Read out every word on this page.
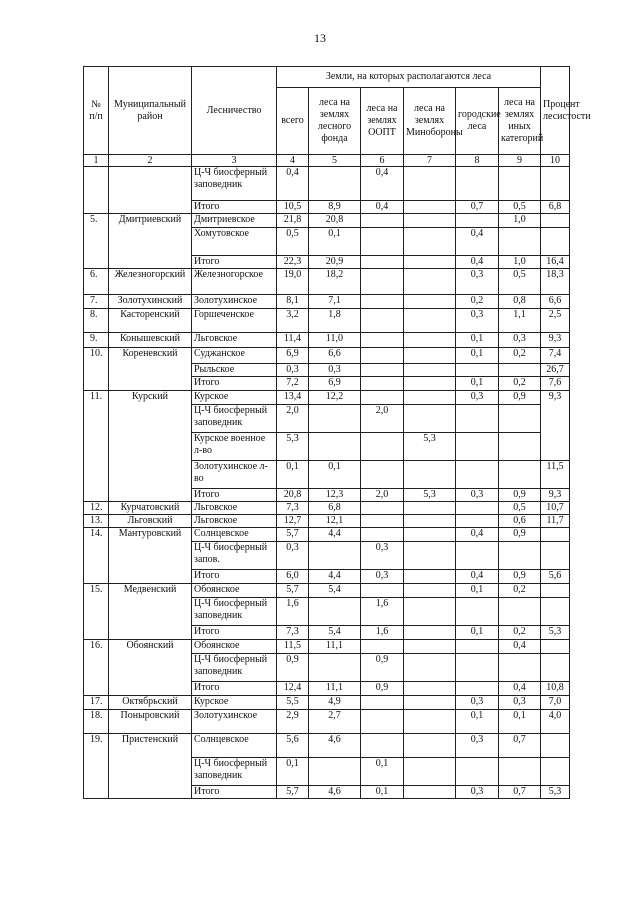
13
№ п/п	Муниципальный район	Лесничество	Земли, на которых располагаются леса						Процент лесистости
			всего	леса на землях лесного фонда	леса на землях ООПТ	леса на землях Минобороны	городские леса	леса на землях иных категорий	
1	2	3	4	5	6	7	8	9	10
		Ц-Ч биосферный заповедник	0,4		0,4				
		Итого	10,5	8,9	0,4		0,7	0,5	6,8
5.	Дмитриевский	Дмитриевское	21,8	20,8				1,0	
		Хомутовское	0,5	0,1			0,4		
		Итого	22,3	20,9			0,4	1,0	16,4
6.	Железногорский	Железногорское	19,0	18,2			0,3	0,5	18,3
7.	Золотухинский	Золотухинское	8,1	7,1			0,2	0,8	6,6
8.	Касторенский	Горшеченское	3,2	1,8			0,3	1,1	2,5
9.	Конышевский	Льговское	11,4	11,0			0,1	0,3	9,3
10.	Кореневский	Суджанское	6,9	6,6			0,1	0,2	7,4
		Рыльское	0,3	0,3					26,7
		Итого	7,2	6,9			0,1	0,2	7,6
11.	Курский	Курское	13,4	12,2			0,3	0,9	9,3
		Ц-Ч биосферный заповедник	2,0		2,0				
		Курское военное л-во	5,3			5,3			
		Золотухинское л-во	0,1	0,1					11,5
		Итого	20,8	12,3	2,0	5,3	0,3	0,9	9,3
12.	Курчатовский	Льговское	7,3	6,8				0,5	10,7
13.	Льговский	Льговское	12,7	12,1				0,6	11,7
14.	Мантуровский	Солнцевское	5,7	4,4			0,4	0,9	
		Ц-Ч биосферный запов.	0,3		0,3				
		Итого	6,0	4,4	0,3		0,4	0,9	5,6
15.	Медвенский	Обоянское	5,7	5,4			0,1	0,2	
		Ц-Ч биосферный заповедник	1,6		1,6				
		Итого	7,3	5,4	1,6		0,1	0,2	5,3
16.	Обоянский	Обоянское	11,5	11,1				0,4	
		Ц-Ч биосферный заповедник	0,9		0,9				
		Итого	12,4	11,1	0,9			0,4	10,8
17.	Октябрьский	Курское	5,5	4,9			0,3	0,3	7,0
18.	Поныровский	Золотухинское	2,9	2,7			0,1	0,1	4,0
19.	Пристенский	Солнцевское	5,6	4,6			0,3	0,7	
		Ц-Ч биосферный заповедник	0,1		0,1				
		Итого	5,7	4,6	0,1		0,3	0,7	5,3
